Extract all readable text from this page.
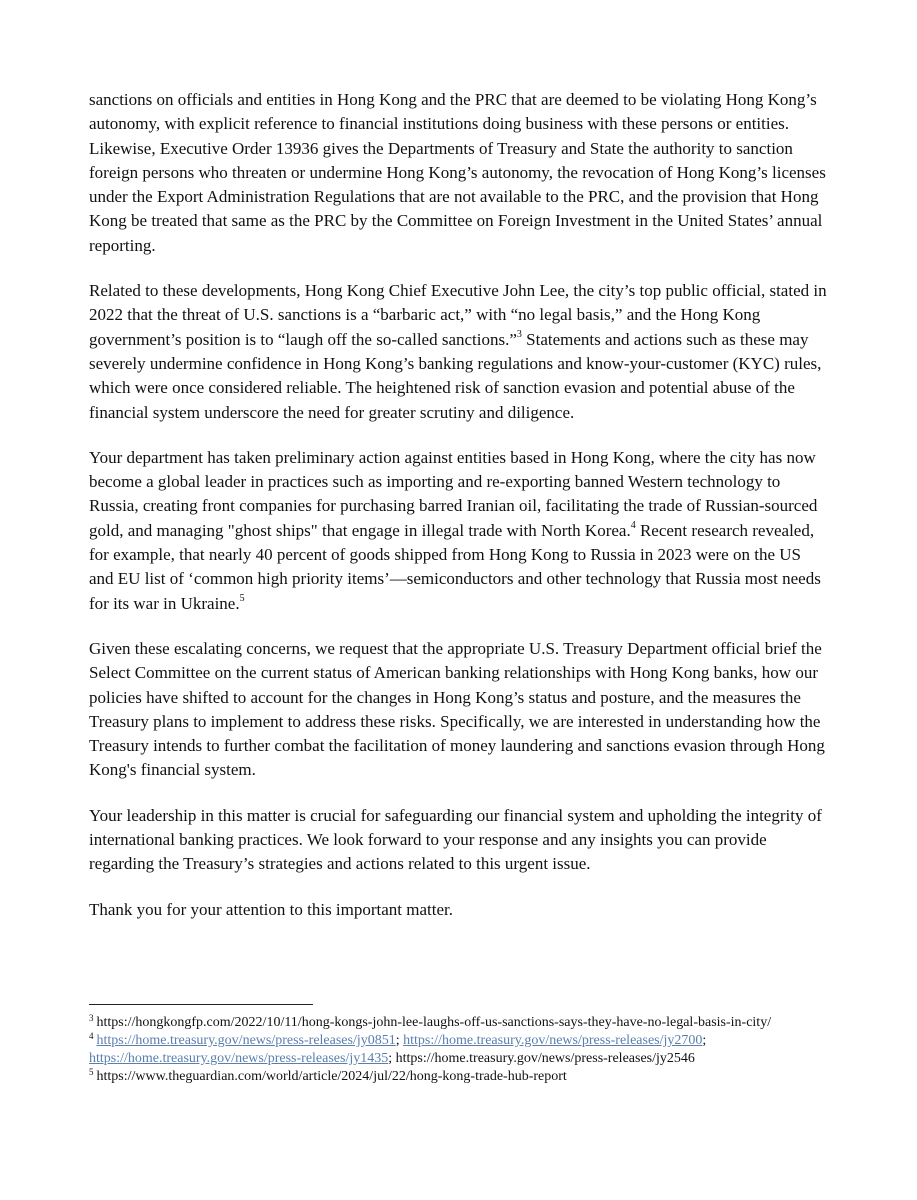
sanctions on officials and entities in Hong Kong and the PRC that are deemed to be violating Hong Kong’s autonomy, with explicit reference to financial institutions doing business with these persons or entities. Likewise, Executive Order 13936 gives the Departments of Treasury and State the authority to sanction foreign persons who threaten or undermine Hong Kong’s autonomy, the revocation of Hong Kong’s licenses under the Export Administration Regulations that are not available to the PRC, and the provision that Hong Kong be treated that same as the PRC by the Committee on Foreign Investment in the United States’ annual reporting.

Related to these developments, Hong Kong Chief Executive John Lee, the city’s top public official, stated in 2022 that the threat of U.S. sanctions is a “barbaric act,” with “no legal basis,” and the Hong Kong government’s position is to “laugh off the so-called sanctions.”$^3$ Statements and actions such as these may severely undermine confidence in Hong Kong’s banking regulations and know-your-customer (KYC) rules, which were once considered reliable. The heightened risk of sanction evasion and potential abuse of the financial system underscore the need for greater scrutiny and diligence.

Your department has taken preliminary action against entities based in Hong Kong, where the city has now become a global leader in practices such as importing and re-exporting banned Western technology to Russia, creating front companies for purchasing barred Iranian oil, facilitating the trade of Russian-sourced gold, and managing "ghost ships" that engage in illegal trade with North Korea.$^4$ Recent research revealed, for example, that nearly 40 percent of goods shipped from Hong Kong to Russia in 2023 were on the US and EU list of ‘common high priority items’—semiconductors and other technology that Russia most needs for its war in Ukraine.$^5$

Given these escalating concerns, we request that the appropriate U.S. Treasury Department official brief the Select Committee on the current status of American banking relationships with Hong Kong banks, how our policies have shifted to account for the changes in Hong Kong’s status and posture, and the measures the Treasury plans to implement to address these risks. Specifically, we are interested in understanding how the Treasury intends to further combat the facilitation of money laundering and sanctions evasion through Hong Kong's financial system.

Your leadership in this matter is crucial for safeguarding our financial system and upholding the integrity of international banking practices. We look forward to your response and any insights you can provide regarding the Treasury’s strategies and actions related to this urgent issue.

Thank you for your attention to this important matter.

$^3$ https://hongkongfp.com/2022/10/11/hong-kongs-john-lee-laughs-off-us-sanctions-says-they-have-no-legal-basis-in-city/

$^4$ https://home.treasury.gov/news/press-releases/jy0851; https://home.treasury.gov/news/press-releases/jy2700; https://home.treasury.gov/news/press-releases/jy1435; https://home.treasury.gov/news/press-releases/jy2546

$^5$ https://www.theguardian.com/world/article/2024/jul/22/hong-kong-trade-hub-report
